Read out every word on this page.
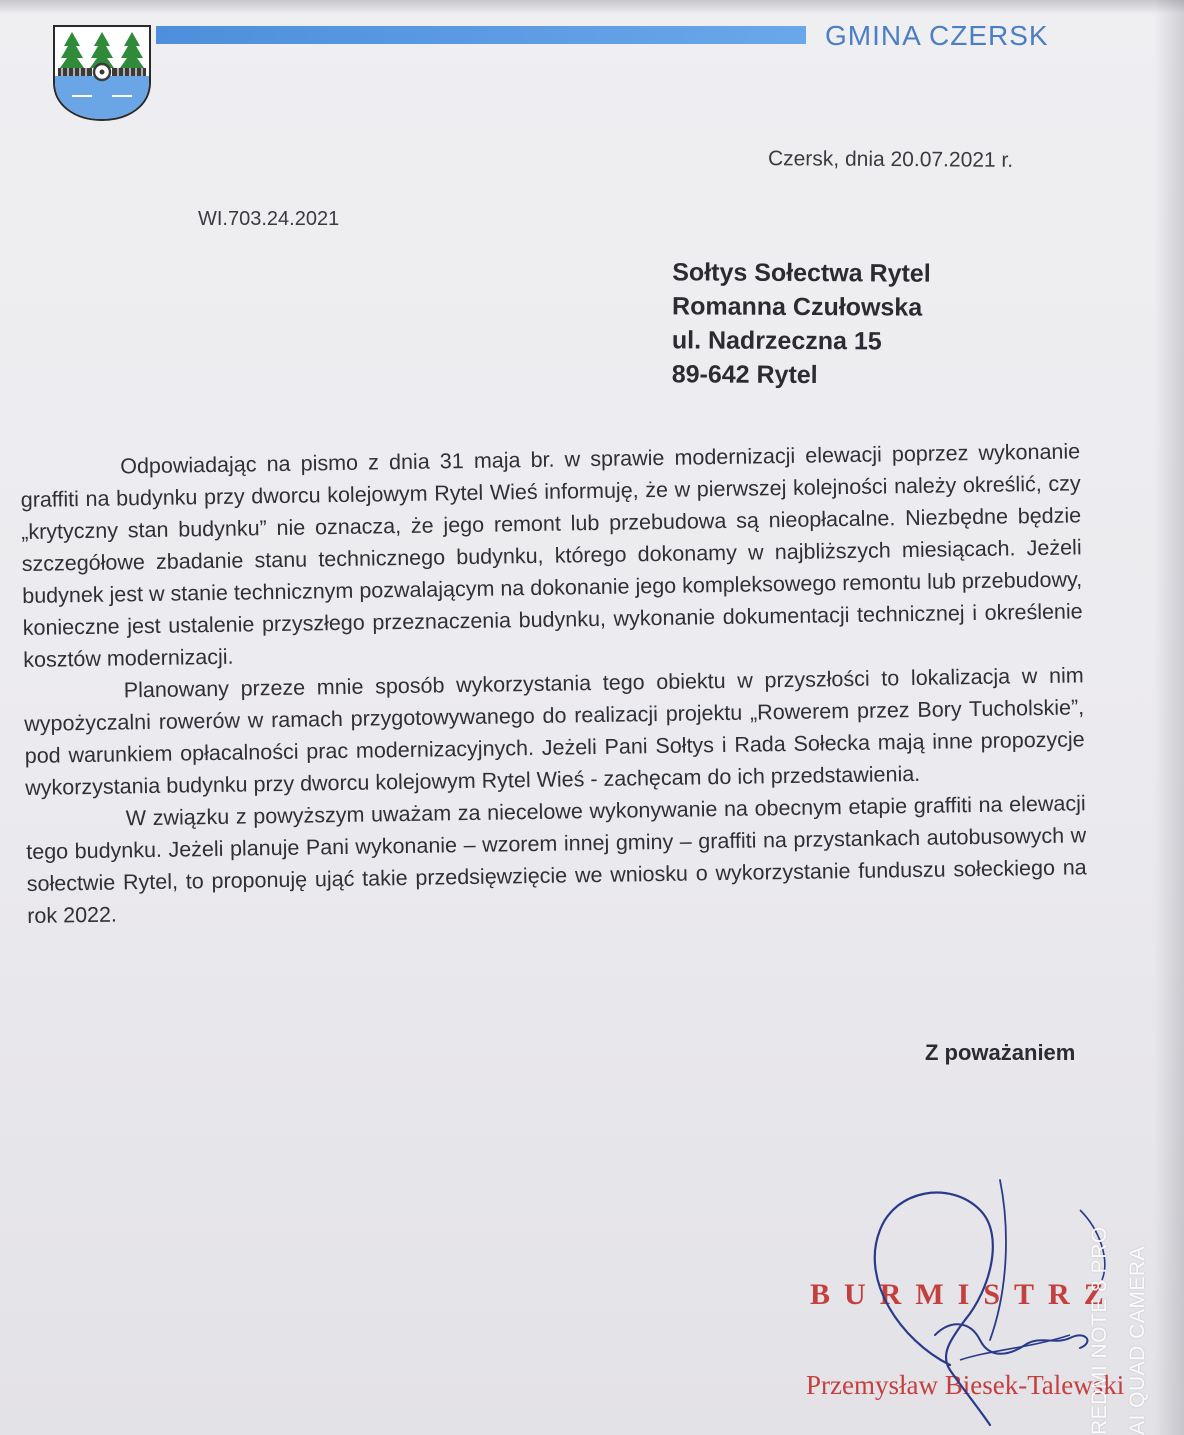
GMINA CZERSK
Czersk, dnia 20.07.2021 r.
WI.703.24.2021
Sołtys Sołectwa Rytel
Romanna Czułowska
ul. Nadrzeczna 15
89-642 Rytel

Odpowiadając na pismo z dnia 31 maja br. w sprawie modernizacji elewacji poprzez wykonanie graffiti na budynku przy dworcu kolejowym Rytel Wieś informuję, że w pierwszej kolejności należy określić, czy „krytyczny stan budynku” nie oznacza, że jego remont lub przebudowa są nieopłacalne. Niezbędne będzie szczegółowe zbadanie stanu technicznego budynku, którego dokonamy w najbliższych miesiącach. Jeżeli budynek jest w stanie technicznym pozwalającym na dokonanie jego kompleksowego remontu lub przebudowy, konieczne jest ustalenie przyszłego przeznaczenia budynku, wykonanie dokumentacji technicznej i określenie kosztów modernizacji.

Planowany przeze mnie sposób wykorzystania tego obiektu w przyszłości to lokalizacja w nim wypożyczalni rowerów w ramach przygotowywanego do realizacji projektu „Rowerem przez Bory Tucholskie”, pod warunkiem opłacalności prac modernizacyjnych. Jeżeli Pani Sołtys i Rada Sołecka mają inne propozycje wykorzystania budynku przy dworcu kolejowym Rytel Wieś - zachęcam do ich przedstawienia.

W związku z powyższym uważam za niecelowe wykonywanie na obecnym etapie graffiti na elewacji tego budynku. Jeżeli planuje Pani wykonanie – wzorem innej gminy – graffiti na przystankach autobusowych w sołectwie Rytel, to proponuję ująć takie przedsięwzięcie we wniosku o wykorzystanie funduszu sołeckiego na rok 2022.

Z poważaniem
BURMISTRZ
Przemysław Biesek-Talewski
REDMI NOTE 8 PRO AI QUAD CAMERA
